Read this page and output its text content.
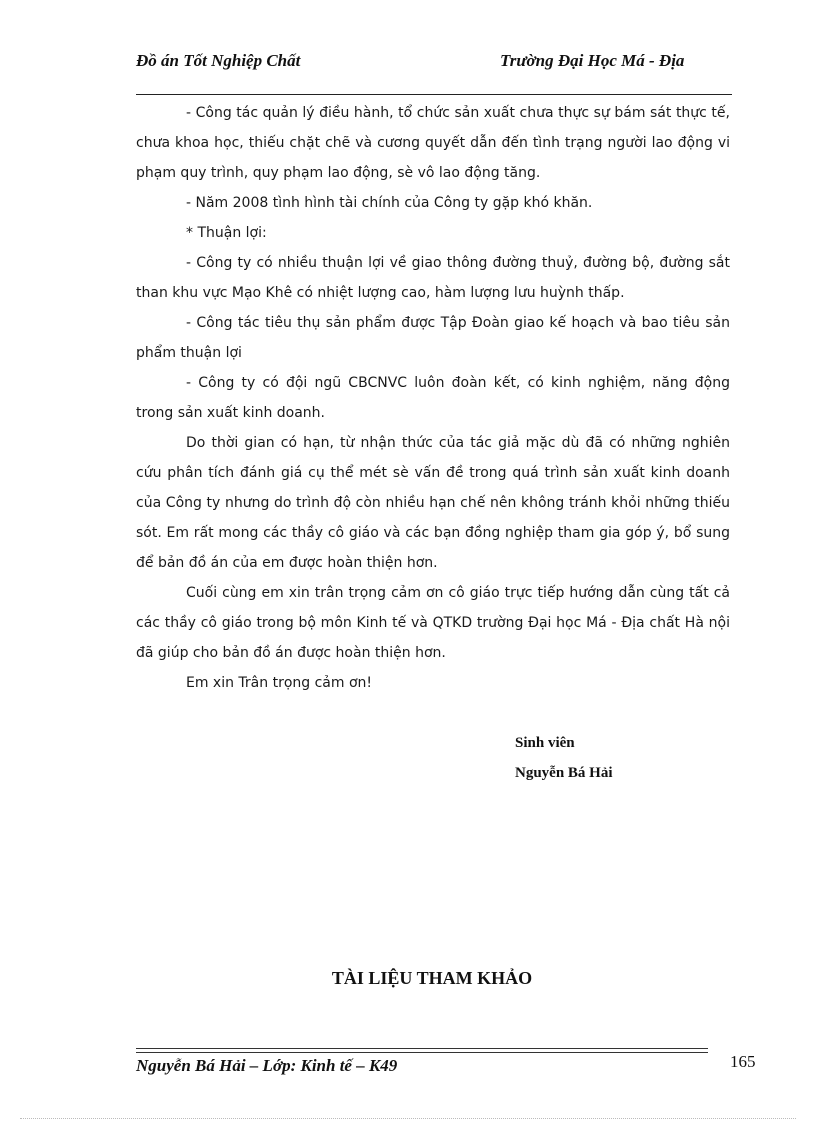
Đồ án Tốt Nghiệp Chất	Trường Đại Học Má - Địa

- Công tác quản lý điều hành, tổ chức sản xuất chưa thực sự bám sát thực tế, chưa khoa học, thiếu chặt chẽ và cương quyết dẫn đến tình trạng người lao động vi phạm quy trình, quy phạm lao động, sè vô lao động tăng.

- Năm 2008 tình hình tài chính của Công ty gặp khó khăn.

* Thuận lợi:

- Công ty có nhiều thuận lợi về giao thông đường thuỷ, đường bộ, đường sắt than khu vực Mạo Khê có nhiệt lượng cao, hàm lượng lưu huỳnh thấp.

- Công tác tiêu thụ sản phẩm được Tập Đoàn giao kế hoạch và bao tiêu sản phẩm thuận lợi

- Công ty có đội ngũ CBCNVC luôn đoàn kết, có kinh nghiệm, năng động trong sản xuất kinh doanh.

Do thời gian có hạn, từ nhận thức của tác giả mặc dù đã có những nghiên cứu phân tích đánh giá cụ thể mét sè vấn đề trong quá trình sản xuất kinh doanh của Công ty nhưng do trình độ còn nhiều hạn chế nên không tránh khỏi những thiếu sót. Em rất mong các thầy cô giáo và các bạn đồng nghiệp tham gia góp ý, bổ sung để bản đồ án của em được hoàn thiện hơn.

Cuối cùng em xin trân trọng cảm ơn cô giáo trực tiếp hướng dẫn cùng tất cả các thầy cô giáo trong bộ môn Kinh tế và QTKD trường Đại học Má - Địa chất Hà nội đã giúp cho bản đồ án được hoàn thiện hơn.

Em xin Trân trọng cảm ơn!

Sinh viên
Nguyễn Bá Hải
TÀI LIỆU THAM KHẢO
Nguyễn Bá Hải – Lớp: Kinh tế – K49	165
